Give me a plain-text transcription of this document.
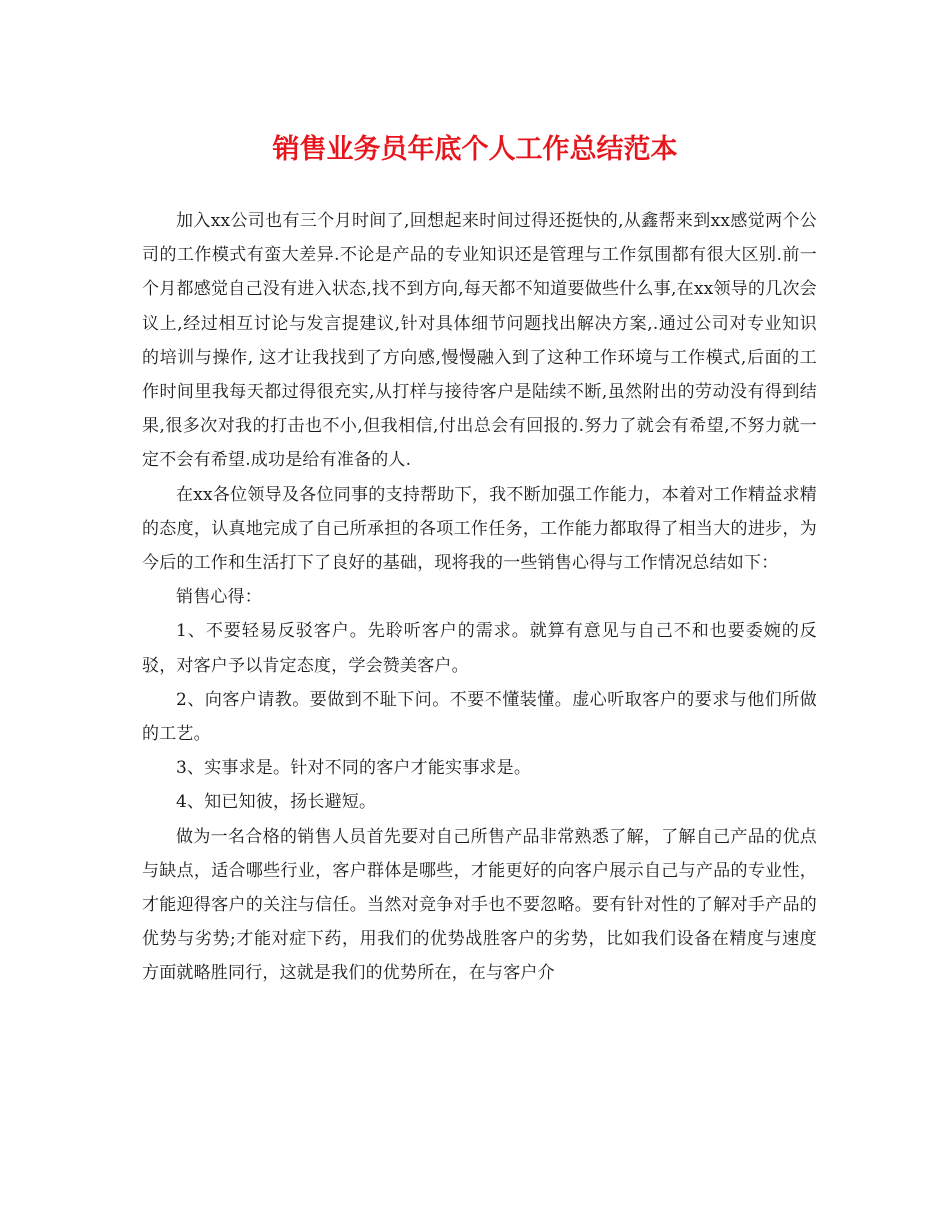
销售业务员年底个人工作总结范本

加入xx公司也有三个月时间了,回想起来时间过得还挺快的,从鑫帮来到xx感觉两个公司的工作模式有蛮大差异.不论是产品的专业知识还是管理与工作氛围都有很大区别.前一个月都感觉自己没有进入状态,找不到方向,每天都不知道要做些什么事,在xx领导的几次会议上,经过相互讨论与发言提建议,针对具体细节问题找出解决方案,.通过公司对专业知识的培训与操作, 这才让我找到了方向感,慢慢融入到了这种工作环境与工作模式,后面的工作时间里我每天都过得很充实,从打样与接待客户是陆续不断,虽然附出的劳动没有得到结果,很多次对我的打击也不小,但我相信,付出总会有回报的.努力了就会有希望,不努力就一定不会有希望.成功是给有准备的人.

在xx各位领导及各位同事的支持帮助下，我不断加强工作能力，本着对工作精益求精的态度，认真地完成了自己所承担的各项工作任务，工作能力都取得了相当大的进步，为今后的工作和生活打下了良好的基础，现将我的一些销售心得与工作情况总结如下：

销售心得：

1、不要轻易反驳客户。先聆听客户的需求。就算有意见与自己不和也要委婉的反驳，对客户予以肯定态度，学会赞美客户。

2、向客户请教。要做到不耻下问。不要不懂装懂。虚心听取客户的要求与他们所做的工艺。

3、实事求是。针对不同的客户才能实事求是。

4、知已知彼，扬长避短。

做为一名合格的销售人员首先要对自己所售产品非常熟悉了解，了解自己产品的优点与缺点，适合哪些行业，客户群体是哪些，才能更好的向客户展示自己与产品的专业性，才能迎得客户的关注与信任。当然对竞争对手也不要忽略。要有针对性的了解对手产品的优势与劣势;才能对症下药，用我们的优势战胜客户的劣势，比如我们设备在精度与速度方面就略胜同行，这就是我们的优势所在，在与客户介
